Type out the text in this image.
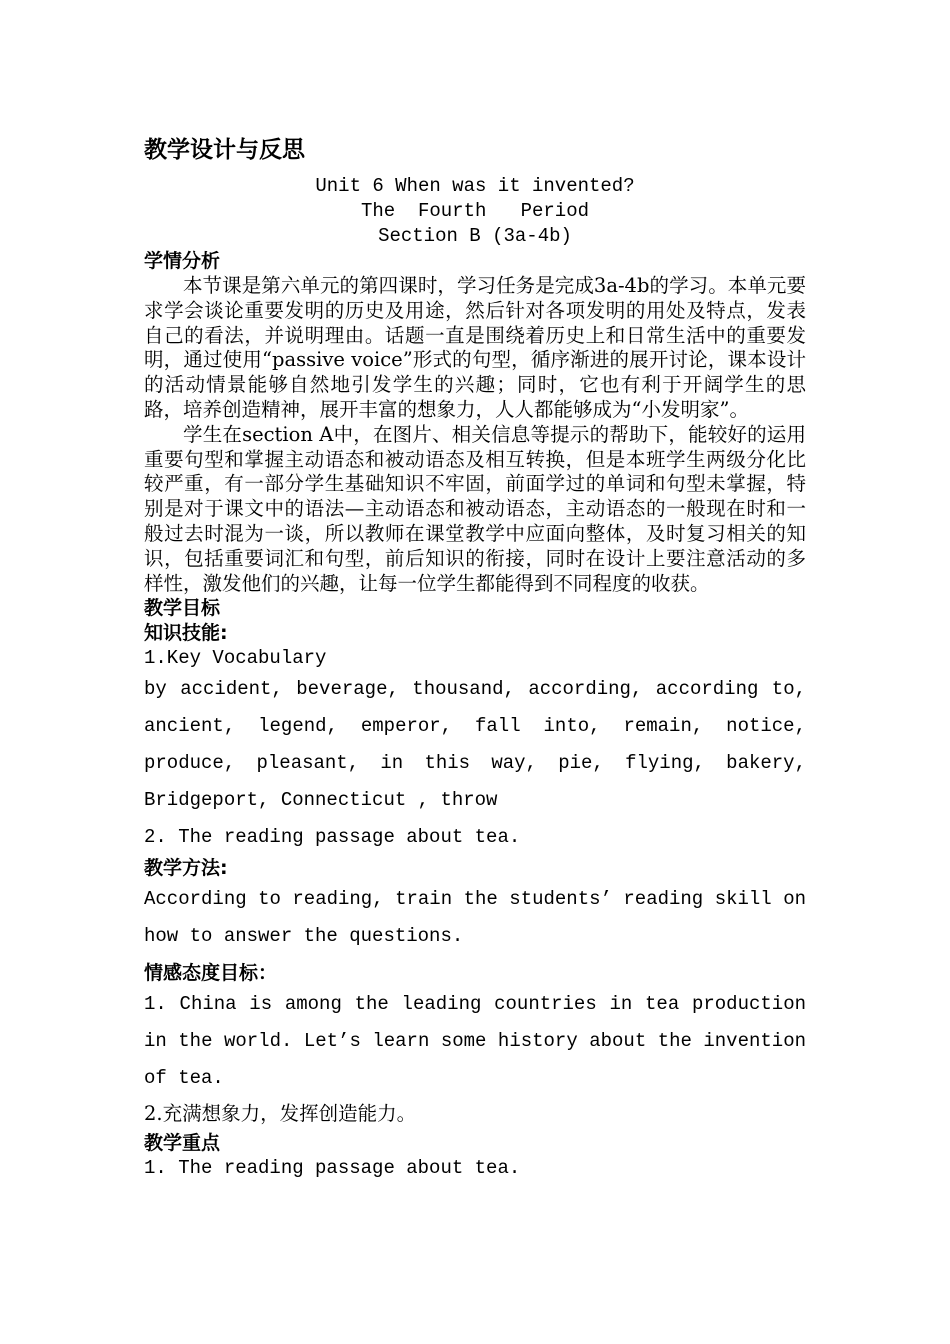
教学设计与反思
Unit 6 When was it invented?
The  Fourth   Period
Section B (3a-4b)
学情分析

本节课是第六单元的第四课时，学习任务是完成3a-4b的学习。本单元要求学会谈论重要发明的历史及用途，然后针对各项发明的用处及特点，发表自己的看法，并说明理由。话题一直是围绕着历史上和日常生活中的重要发明，通过使用“passive voice”形式的句型，循序渐进的展开讨论，课本设计的活动情景能够自然地引发学生的兴趣；同时，它也有利于开阔学生的思路，培养创造精神，展开丰富的想象力，人人都能够成为“小发明家”。

学生在section A中，在图片、相关信息等提示的帮助下，能较好的运用重要句型和掌握主动语态和被动语态及相互转换，但是本班学生两级分化比较严重，有一部分学生基础知识不牢固，前面学过的单词和句型未掌握，特别是对于课文中的语法—主动语态和被动语态，主动语态的一般现在时和一般过去时混为一谈，所以教师在课堂教学中应面向整体，及时复习相关的知识，包括重要词汇和句型，前后知识的衔接，同时在设计上要注意活动的多样性，激发他们的兴趣，让每一位学生都能得到不同程度的收获。

教学目标
知识技能:
1.Key Vocabulary
by accident, beverage, thousand, according, according to,
ancient, legend, emperor, fall into, remain, notice,
produce, pleasant, in this way, pie, flying, bakery,
Bridgeport, Connecticut , throw
2. The reading passage about tea.
教学方法:
According to reading, train the students’ reading skill on
how to answer the questions.
情感态度目标：
1. China is among the leading countries in tea production
in the world. Let’s learn some history about the invention
of tea.
2.充满想象力，发挥创造能力。
教学重点
1. The reading passage about tea.
